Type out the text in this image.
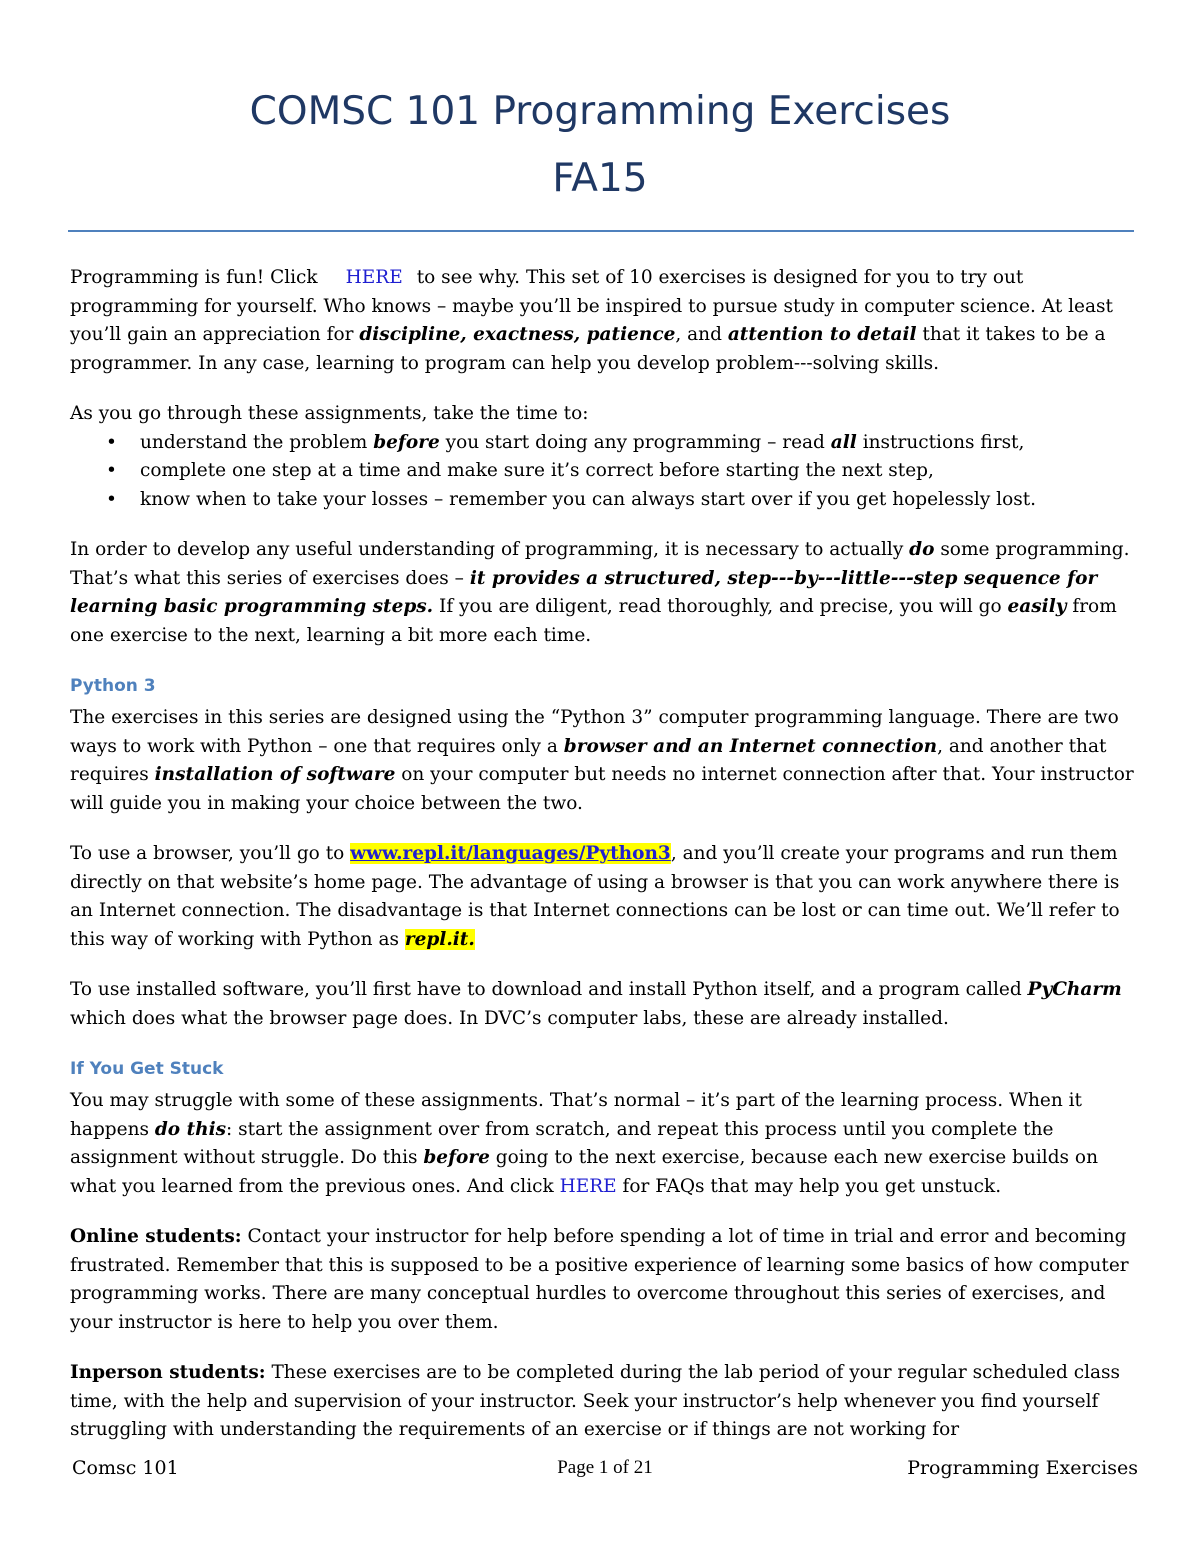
COMSC 101 Programming Exercises
FA15

Programming is fun! Click HERE to see why. This set of 10 exercises is designed for you to try out programming for yourself. Who knows – maybe you’ll be inspired to pursue study in computer science. At least you’ll gain an appreciation for discipline, exactness, patience, and attention to detail that it takes to be a programmer. In any case, learning to program can help you develop problem--‐solving skills.

As you go through these assignments, take the time to:

• understand the problem before you start doing any programming – read all instructions first,
• complete one step at a time and make sure it’s correct before starting the next step,
• know when to take your losses – remember you can always start over if you get hopelessly lost.

In order to develop any useful understanding of programming, it is necessary to actually do some programming. That’s what this series of exercises does – it provides a structured, step--‐by--‐little--‐step sequence for learning basic programming steps. If you are diligent, read thoroughly, and precise, you will go easily from one exercise to the next, learning a bit more each time.

Python 3

The exercises in this series are designed using the “Python 3” computer programming language. There are two ways to work with Python – one that requires only a browser and an Internet connection, and another that requires installation of software on your computer but needs no internet connection after that. Your instructor will guide you in making your choice between the two.

To use a browser, you’ll go to www.repl.it/languages/Python3, and you’ll create your programs and run them directly on that website’s home page. The advantage of using a browser is that you can work anywhere there is an Internet connection. The disadvantage is that Internet connections can be lost or can time out. We’ll refer to this way of working with Python as repl.it.

To use installed software, you’ll first have to download and install Python itself, and a program called PyCharm which does what the browser page does. In DVC’s computer labs, these are already installed.

If You Get Stuck

You may struggle with some of these assignments. That’s normal – it’s part of the learning process. When it happens do this: start the assignment over from scratch, and repeat this process until you complete the assignment without struggle. Do this before going to the next exercise, because each new exercise builds on what you learned from the previous ones. And click HERE for FAQs that may help you get unstuck.

Online students: Contact your instructor for help before spending a lot of time in trial and error and becoming frustrated. Remember that this is supposed to be a positive experience of learning some basics of how computer programming works. There are many conceptual hurdles to overcome throughout this series of exercises, and your instructor is here to help you over them.

Inperson students: These exercises are to be completed during the lab period of your regular scheduled class time, with the help and supervision of your instructor. Seek your instructor’s help whenever you find yourself struggling with understanding the requirements of an exercise or if things are not working for

Comsc 101	Page 1 of 21	Programming Exercises
